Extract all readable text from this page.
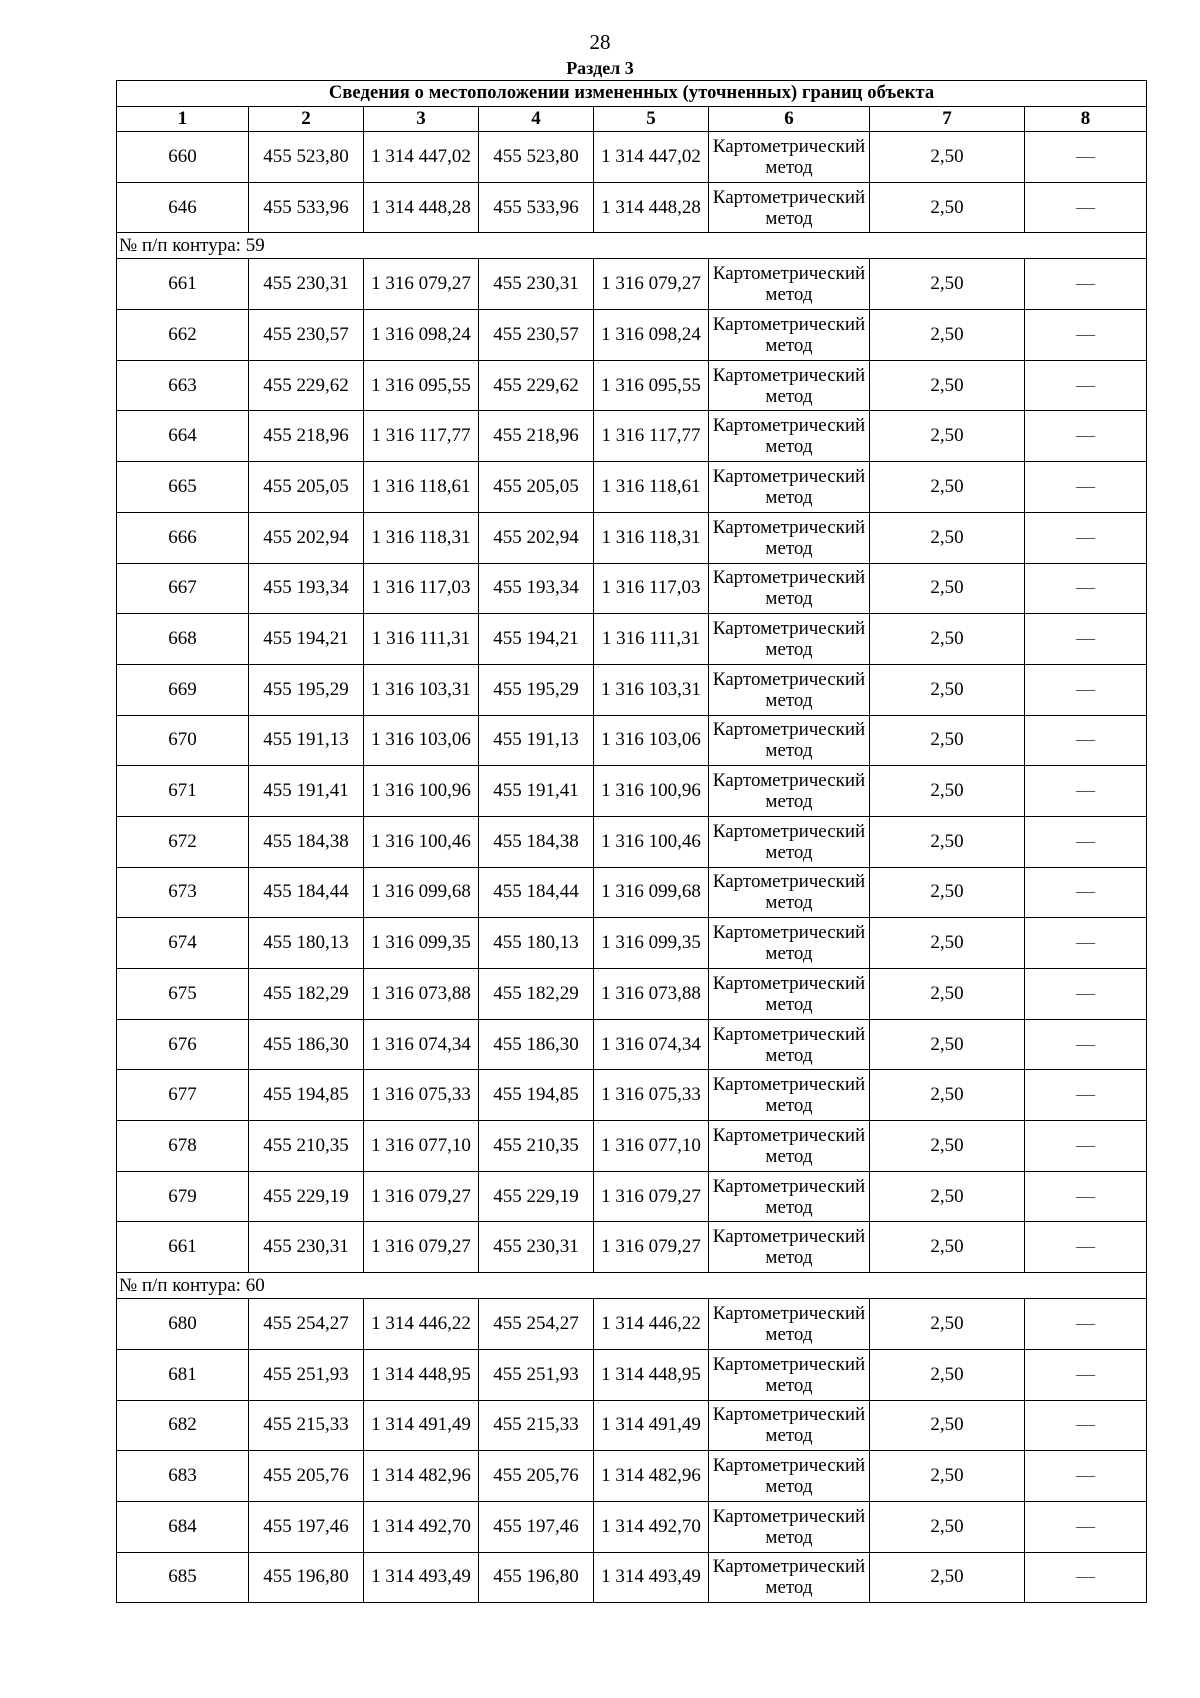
28
Раздел 3
Сведения о местоположении измененных (уточненных) границ объекта							
1	2	3	4	5	6	7	8
660	455 523,80	1 314 447,02	455 523,80	1 314 447,02	Картометрический метод	2,50	—
646	455 533,96	1 314 448,28	455 533,96	1 314 448,28	Картометрический метод	2,50	—
№ п/п контура: 59							
661	455 230,31	1 316 079,27	455 230,31	1 316 079,27	Картометрический метод	2,50	—
662	455 230,57	1 316 098,24	455 230,57	1 316 098,24	Картометрический метод	2,50	—
663	455 229,62	1 316 095,55	455 229,62	1 316 095,55	Картометрический метод	2,50	—
664	455 218,96	1 316 117,77	455 218,96	1 316 117,77	Картометрический метод	2,50	—
665	455 205,05	1 316 118,61	455 205,05	1 316 118,61	Картометрический метод	2,50	—
666	455 202,94	1 316 118,31	455 202,94	1 316 118,31	Картометрический метод	2,50	—
667	455 193,34	1 316 117,03	455 193,34	1 316 117,03	Картометрический метод	2,50	—
668	455 194,21	1 316 111,31	455 194,21	1 316 111,31	Картометрический метод	2,50	—
669	455 195,29	1 316 103,31	455 195,29	1 316 103,31	Картометрический метод	2,50	—
670	455 191,13	1 316 103,06	455 191,13	1 316 103,06	Картометрический метод	2,50	—
671	455 191,41	1 316 100,96	455 191,41	1 316 100,96	Картометрический метод	2,50	—
672	455 184,38	1 316 100,46	455 184,38	1 316 100,46	Картометрический метод	2,50	—
673	455 184,44	1 316 099,68	455 184,44	1 316 099,68	Картометрический метод	2,50	—
674	455 180,13	1 316 099,35	455 180,13	1 316 099,35	Картометрический метод	2,50	—
675	455 182,29	1 316 073,88	455 182,29	1 316 073,88	Картометрический метод	2,50	—
676	455 186,30	1 316 074,34	455 186,30	1 316 074,34	Картометрический метод	2,50	—
677	455 194,85	1 316 075,33	455 194,85	1 316 075,33	Картометрический метод	2,50	—
678	455 210,35	1 316 077,10	455 210,35	1 316 077,10	Картометрический метод	2,50	—
679	455 229,19	1 316 079,27	455 229,19	1 316 079,27	Картометрический метод	2,50	—
661	455 230,31	1 316 079,27	455 230,31	1 316 079,27	Картометрический метод	2,50	—
№ п/п контура: 60							
680	455 254,27	1 314 446,22	455 254,27	1 314 446,22	Картометрический метод	2,50	—
681	455 251,93	1 314 448,95	455 251,93	1 314 448,95	Картометрический метод	2,50	—
682	455 215,33	1 314 491,49	455 215,33	1 314 491,49	Картометрический метод	2,50	—
683	455 205,76	1 314 482,96	455 205,76	1 314 482,96	Картометрический метод	2,50	—
684	455 197,46	1 314 492,70	455 197,46	1 314 492,70	Картометрический метод	2,50	—
685	455 196,80	1 314 493,49	455 196,80	1 314 493,49	Картометрический метод	2,50	—
